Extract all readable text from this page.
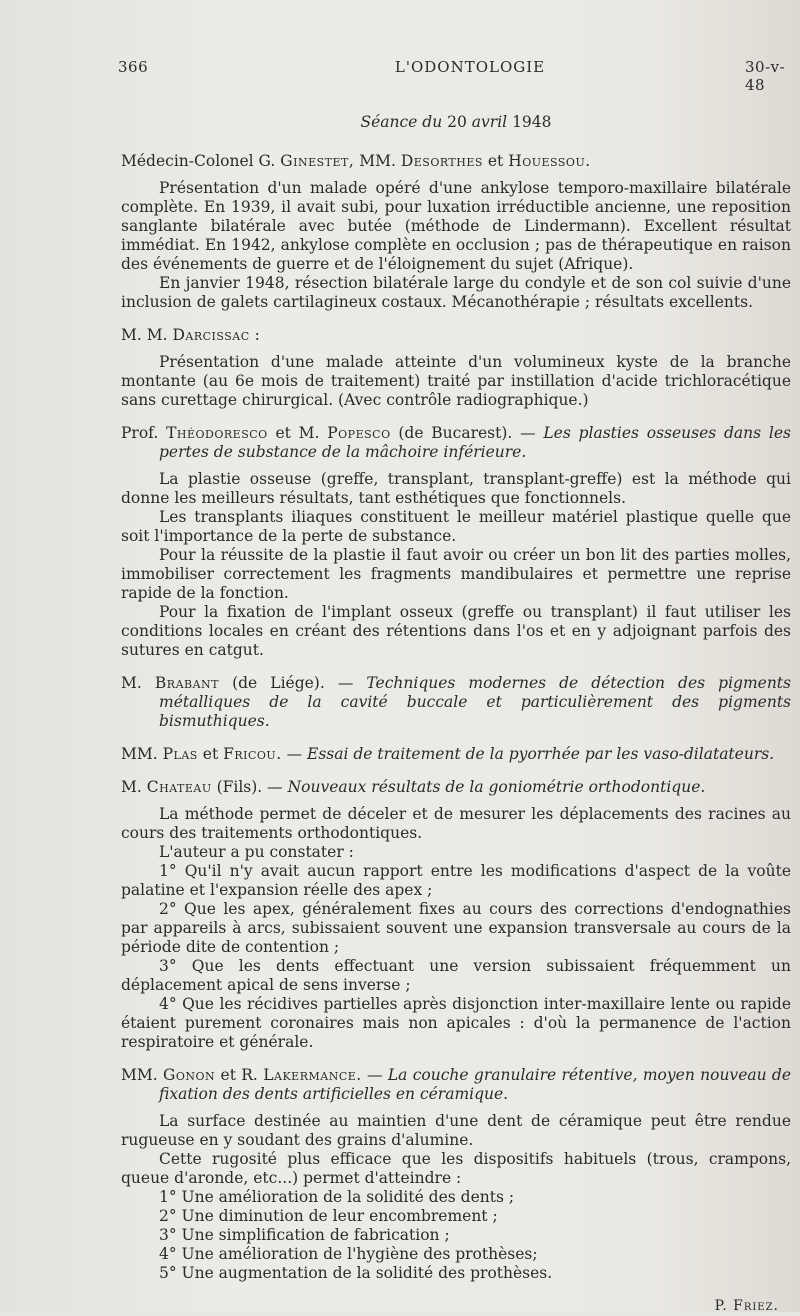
366	L'ODONTOLOGIE	30-v-48

Séance du 20 avril 1948

Médecin-Colonel G. Ginestet, MM. Desorthes et Houessou.

Présentation d'un malade opéré d'une ankylose temporo-maxillaire bilatérale complète. En 1939, il avait subi, pour luxation irréductible ancienne, une reposition sanglante bilatérale avec butée (méthode de Lindermann). Excellent résultat immédiat. En 1942, ankylose complète en occlusion ; pas de thérapeutique en raison des événements de guerre et de l'éloignement du sujet (Afrique).

En janvier 1948, résection bilatérale large du condyle et de son col suivie d'une inclusion de galets cartilagineux costaux. Mécanothérapie ; résultats excellents.

M. M. Darcissac :

Présentation d'une malade atteinte d'un volumineux kyste de la branche montante (au 6e mois de traitement) traité par instillation d'acide trichloracétique sans curettage chirurgical. (Avec contrôle radiographique.)

Prof. Théodoresco et M. Popesco (de Bucarest). — Les plasties osseuses dans les pertes de substance de la mâchoire inférieure.

La plastie osseuse (greffe, transplant, transplant-greffe) est la méthode qui donne les meilleurs résultats, tant esthétiques que fonctionnels.

Les transplants iliaques constituent le meilleur matériel plastique quelle que soit l'importance de la perte de substance.

Pour la réussite de la plastie il faut avoir ou créer un bon lit des parties molles, immobiliser correctement les fragments mandibulaires et permettre une reprise rapide de la fonction.

Pour la fixation de l'implant osseux (greffe ou transplant) il faut utiliser les conditions locales en créant des rétentions dans l'os et en y adjoignant parfois des sutures en catgut.

M. Brabant (de Liége). — Techniques modernes de détection des pigments métalliques de la cavité buccale et particulièrement des pigments bismuthiques.

MM. Plas et Fricou. — Essai de traitement de la pyorrhée par les vaso-dilatateurs.

M. Chateau (Fils). — Nouveaux résultats de la goniométrie orthodontique.

La méthode permet de déceler et de mesurer les déplacements des racines au cours des traitements orthodontiques.

L'auteur a pu constater :

1° Qu'il n'y avait aucun rapport entre les modifications d'aspect de la voûte palatine et l'expansion réelle des apex ;

2° Que les apex, généralement fixes au cours des corrections d'endognathies par appareils à arcs, subissaient souvent une expansion transversale au cours de la période dite de contention ;

3° Que les dents effectuant une version subissaient fréquemment un déplacement apical de sens inverse ;

4° Que les récidives partielles après disjonction inter-maxillaire lente ou rapide étaient purement coronaires mais non apicales : d'où la permanence de l'action respiratoire et générale.

MM. Gonon et R. Lakermance. — La couche granulaire rétentive, moyen nouveau de fixation des dents artificielles en céramique.

La surface destinée au maintien d'une dent de céramique peut être rendue rugueuse en y soudant des grains d'alumine.

Cette rugosité plus efficace que les dispositifs habituels (trous, crampons, queue d'aronde, etc...) permet d'atteindre :

1° Une amélioration de la solidité des dents ;

2° Une diminution de leur encombrement ;

3° Une simplification de fabrication ;

4° Une amélioration de l'hygiène des prothèses;

5° Une augmentation de la solidité des prothèses.

P. Friez.
